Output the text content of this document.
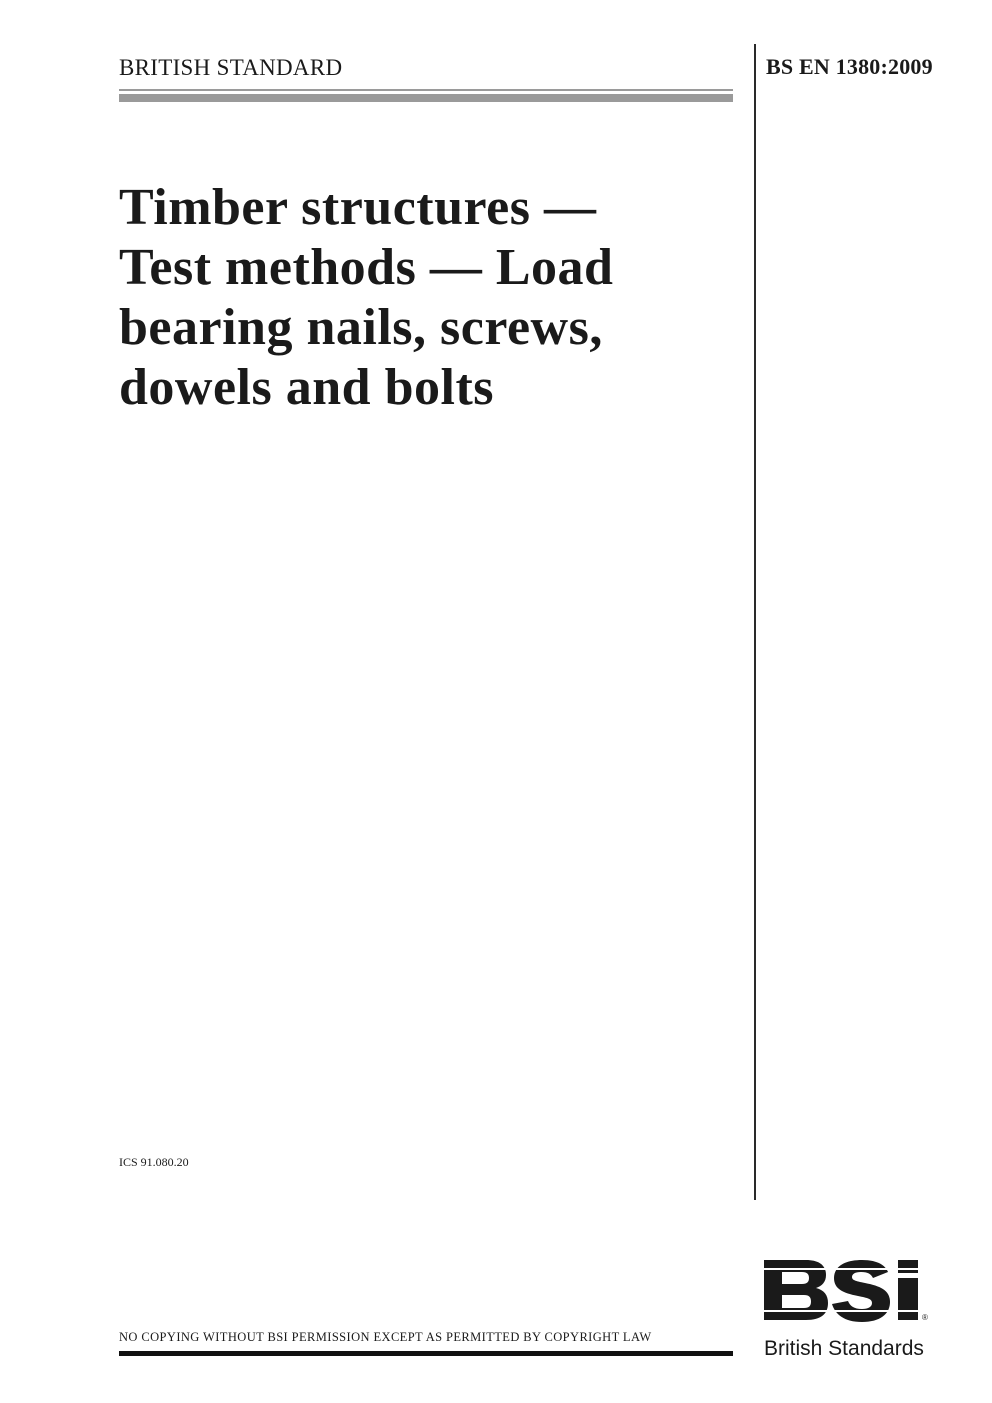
BRITISH STANDARD	BS EN 1380:2009
Timber structures —
Test methods — Load
bearing nails, screws,
dowels and bolts
ICS 91.080.20
NO COPYING WITHOUT BSI PERMISSION EXCEPT AS PERMITTED BY COPYRIGHT LAW
®
British Standards
